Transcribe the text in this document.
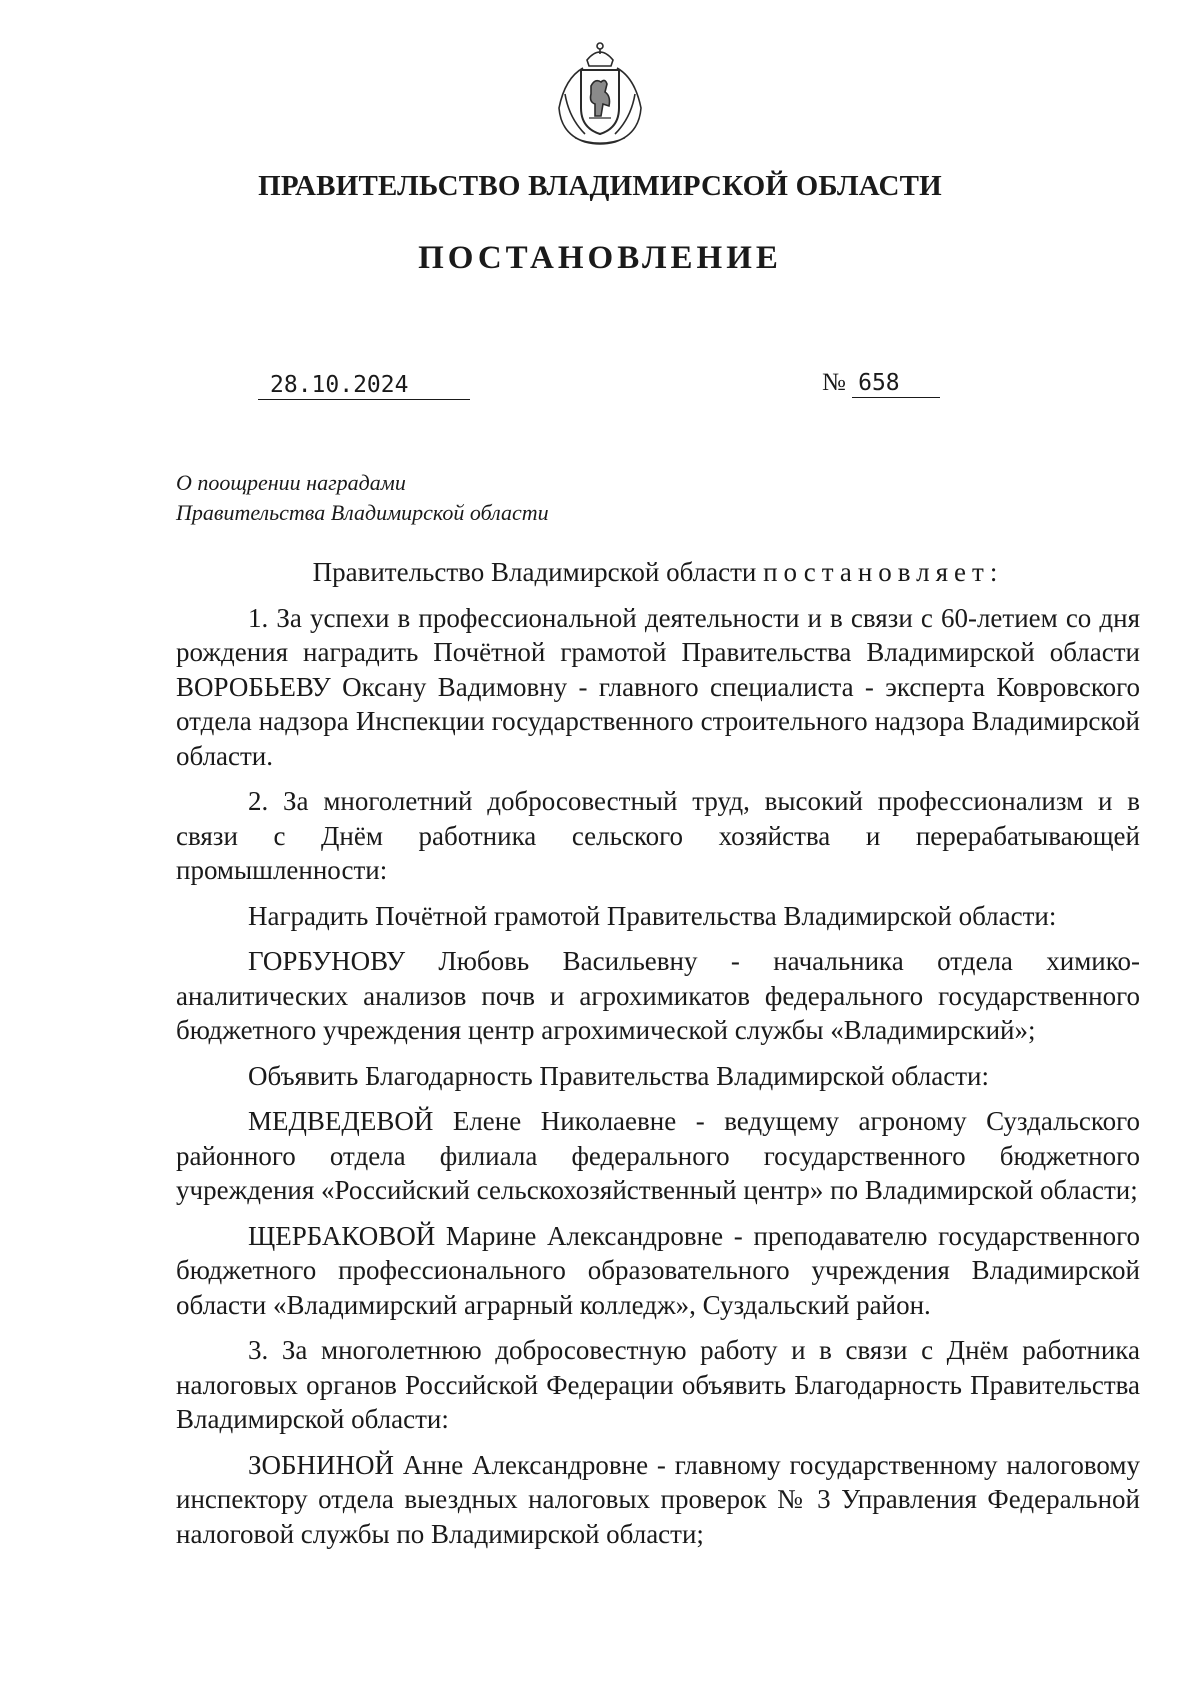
ПРАВИТЕЛЬСТВО ВЛАДИМИРСКОЙ ОБЛАСТИ
ПОСТАНОВЛЕНИЕ
28.10.2024	№ 658
О поощрении наградами
Правительства Владимирской области

Правительство Владимирской области постановляет:

1. За успехи в профессиональной деятельности и в связи с 60-летием со дня рождения наградить Почётной грамотой Правительства Владимирской области ВОРОБЬЕВУ Оксану Вадимовну - главного специалиста - эксперта Ковровского отдела надзора Инспекции государственного строительного надзора Владимирской области.

2. За многолетний добросовестный труд, высокий профессионализм и в связи с Днём работника сельского хозяйства и перерабатывающей промышленности:

Наградить Почётной грамотой Правительства Владимирской области:

ГОРБУНОВУ Любовь Васильевну - начальника отдела химико-аналитических анализов почв и агрохимикатов федерального государственного бюджетного учреждения центр агрохимической службы «Владимирский»;

Объявить Благодарность Правительства Владимирской области:

МЕДВЕДЕВОЙ Елене Николаевне - ведущему агроному Суздальского районного отдела филиала федерального государственного бюджетного учреждения «Российский сельскохозяйственный центр» по Владимирской области;

ЩЕРБАКОВОЙ Марине Александровне - преподавателю государственного бюджетного профессионального образовательного учреждения Владимирской области «Владимирский аграрный колледж», Суздальский район.

3. За многолетнюю добросовестную работу и в связи с Днём работника налоговых органов Российской Федерации объявить Благодарность Правительства Владимирской области:

ЗОБНИНОЙ Анне Александровне - главному государственному налоговому инспектору отдела выездных налоговых проверок № 3 Управления Федеральной налоговой службы по Владимирской области;
